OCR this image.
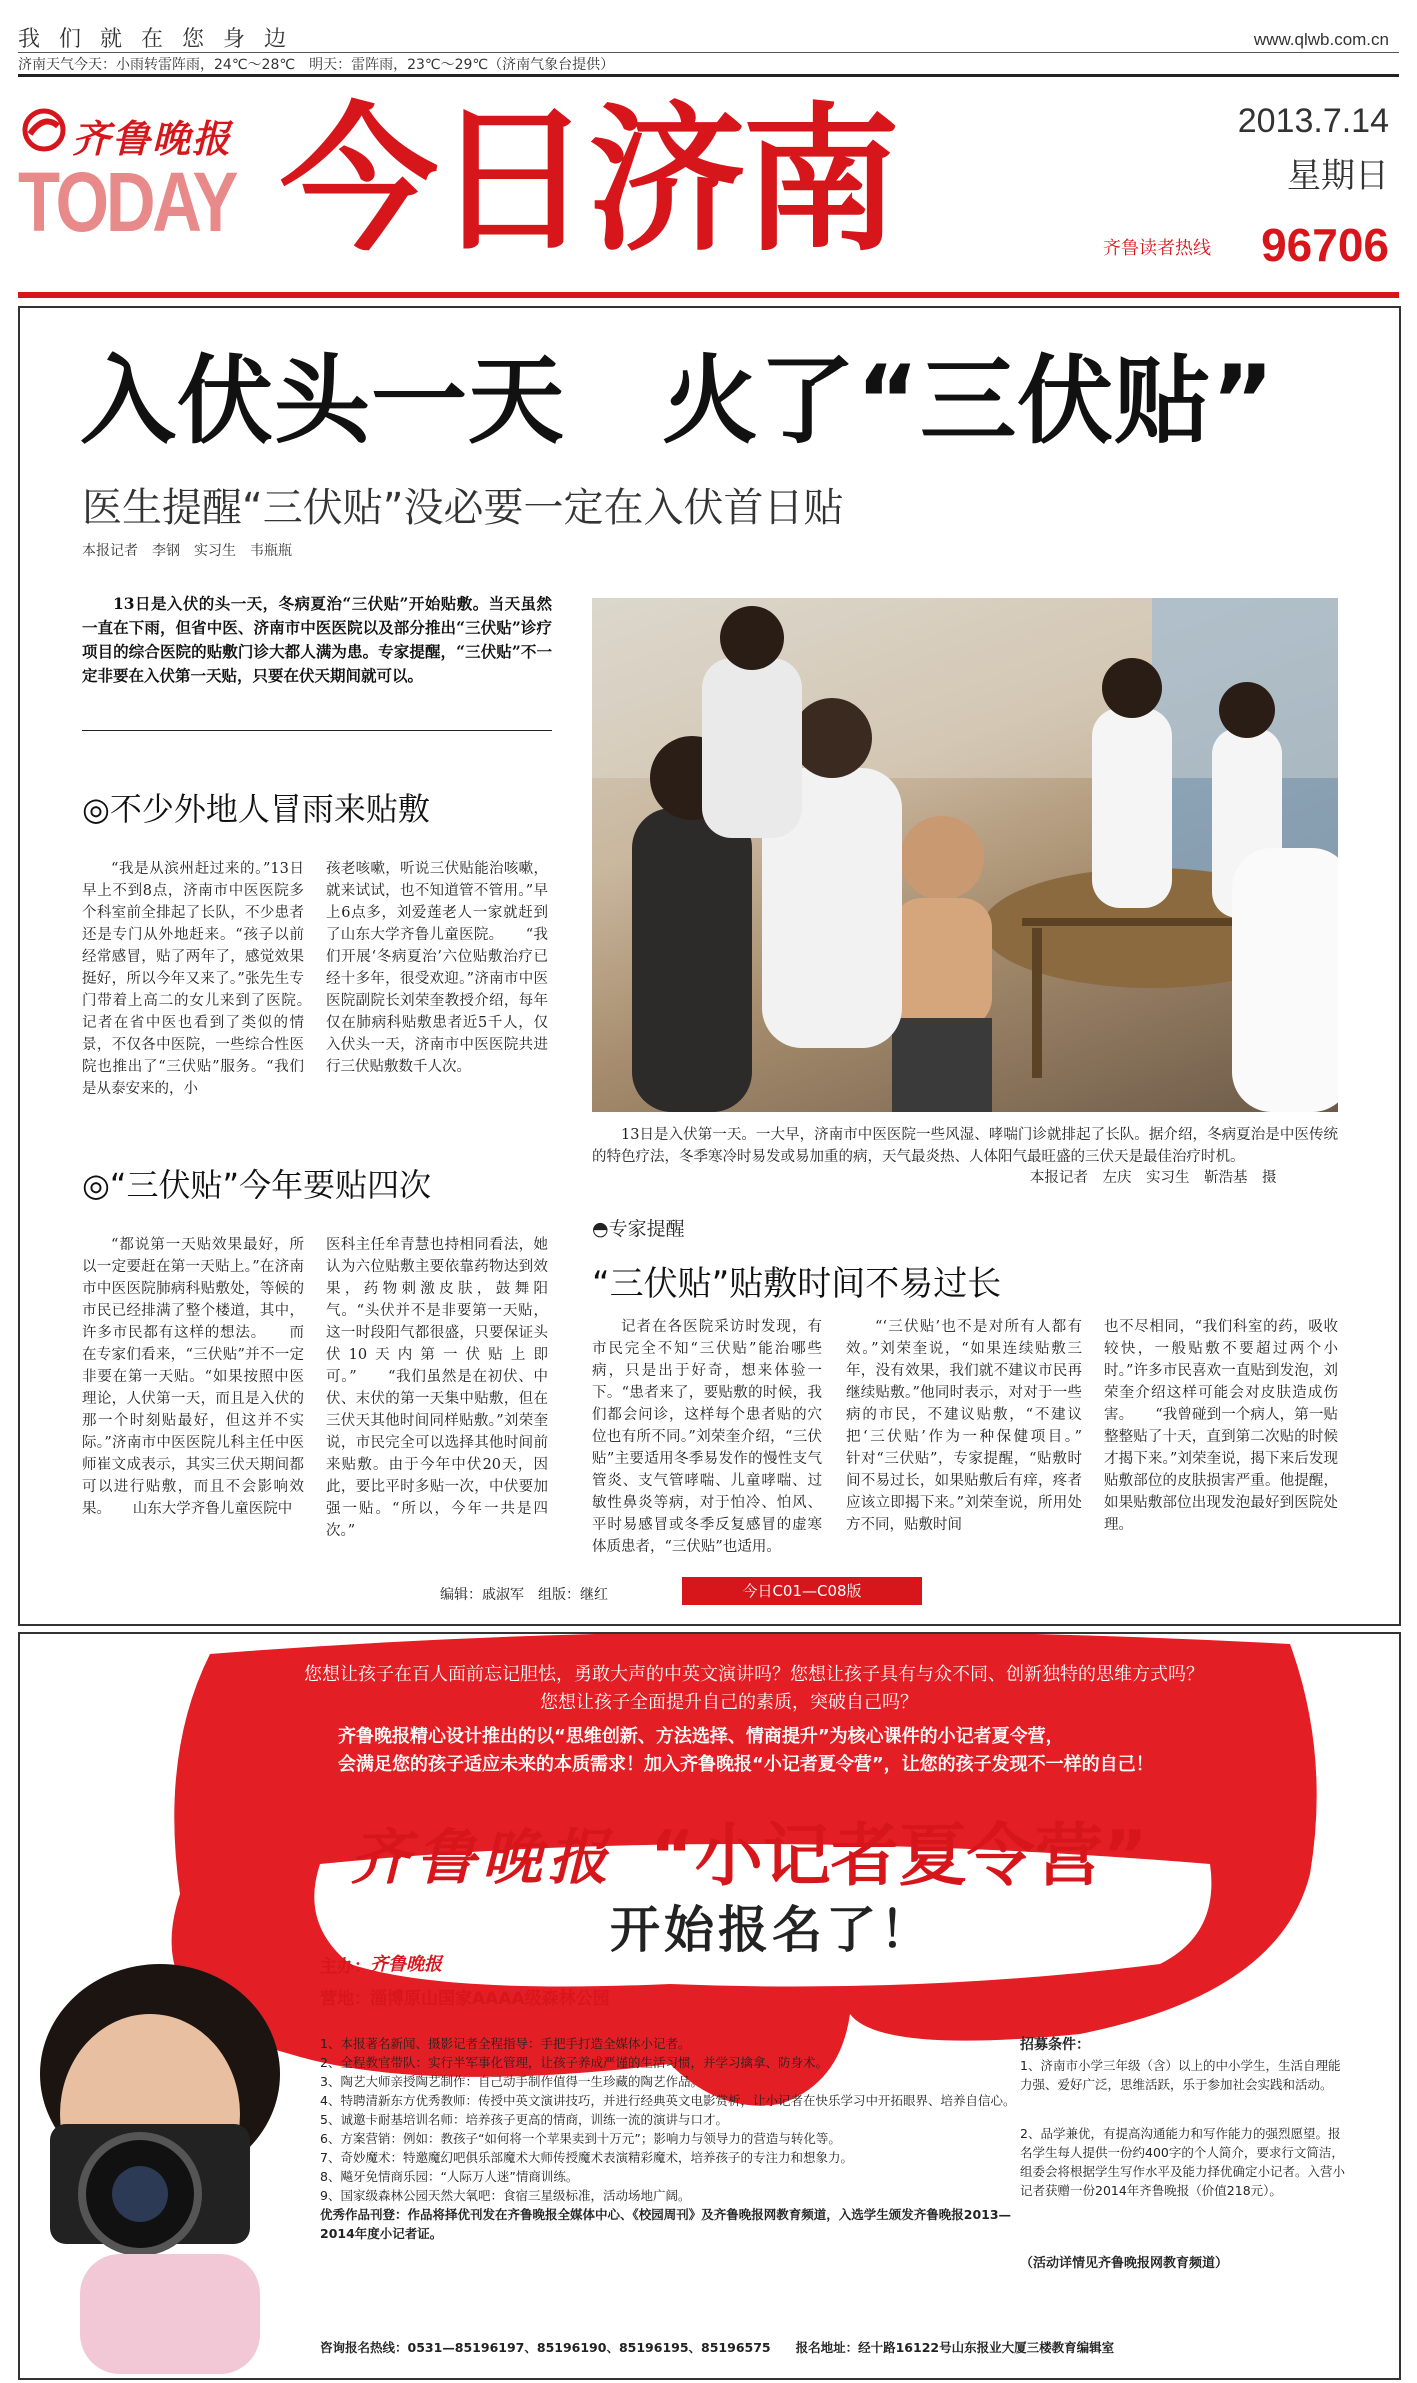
我 们 就 在 您 身 边	www.qlwb.com.cn
济南天气今天：小雨转雷阵雨，24℃～28℃　明天：雷阵雨，23℃～29℃（济南气象台提供）
齐鲁晚报
TODAY 今日济南	2013.7.14
星期日
齐鲁读者热线 96706
入伏头一天　火了“三伏贴”
医生提醒“三伏贴”没必要一定在入伏首日贴
本报记者　李钢　实习生　韦瓶瓶
13日是入伏的头一天，冬病夏治“三伏贴”开始贴敷。当天虽然一直在下雨，但省中医、济南市中医医院以及部分推出“三伏贴”诊疗项目的综合医院的贴敷门诊大都人满为患。专家提醒，“三伏贴”不一定非要在入伏第一天贴，只要在伏天期间就可以。
◎不少外地人冒雨来贴敷
“我是从滨州赶过来的。”13日早上不到8点，济南市中医医院多个科室前全排起了长队，不少患者还是专门从外地赶来。“孩子以前经常感冒，贴了两年了，感觉效果挺好，所以今年又来了。”张先生专门带着上高二的女儿来到了医院。　　记者在省中医也看到了类似的情景，不仅各中医院，一些综合性医院也推出了“三伏贴”服务。“我们是从泰安来的，小
孩老咳嗽，听说三伏贴能治咳嗽，就来试试，也不知道管不管用。”早上6点多，刘爱莲老人一家就赶到了山东大学齐鲁儿童医院。　　“我们开展‘冬病夏治’六位贴敷治疗已经十多年，很受欢迎。”济南市中医医院副院长刘荣奎教授介绍，每年仅在肺病科贴敷患者近5千人，仅入伏头一天，济南市中医医院共进行三伏贴敷数千人次。
◎“三伏贴”今年要贴四次
“都说第一天贴效果最好，所以一定要赶在第一天贴上。”在济南市中医医院肺病科贴敷处，等候的市民已经排满了整个楼道，其中，许多市民都有这样的想法。　　而在专家们看来，“三伏贴”并不一定非要在第一天贴。“如果按照中医理论，人伏第一天，而且是入伏的那一个时刻贴最好，但这并不实际。”济南市中医医院儿科主任中医师崔文成表示，其实三伏天期间都可以进行贴敷，而且不会影响效果。　　山东大学齐鲁儿童医院中
医科主任牟青慧也持相同看法，她认为六位贴敷主要依靠药物达到效果，药物刺激皮肤，鼓舞阳气。“头伏并不是非要第一天贴，这一时段阳气都很盛，只要保证头伏10天内第一伏贴上即可。”　　“我们虽然是在初伏、中伏、末伏的第一天集中贴敷，但在三伏天其他时间同样贴敷。”刘荣奎说，市民完全可以选择其他时间前来贴敷。由于今年中伏20天，因此，要比平时多贴一次，中伏要加强一贴。“所以，今年一共是四次。”
13日是入伏第一天。一大早，济南市中医医院一些风湿、哮喘门诊就排起了长队。据介绍，冬病夏治是中医传统的特色疗法，冬季寒冷时易发或易加重的病，天气最炎热、人体阳气最旺盛的三伏天是最佳治疗时机。
本报记者　左庆　实习生　靳浩基　摄
◓专家提醒
“三伏贴”贴敷时间不易过长
记者在各医院采访时发现，有市民完全不知“三伏贴”能治哪些病，只是出于好奇，想来体验一下。“患者来了，要贴敷的时候，我们都会问诊，这样每个患者贴的穴位也有所不同。”刘荣奎介绍，“三伏贴”主要适用冬季易发作的慢性支气管炎、支气管哮喘、儿童哮喘、过敏性鼻炎等病，对于怕冷、怕风、平时易感冒或冬季反复感冒的虚寒体质患者，“三伏贴”也适用。
“‘三伏贴’也不是对所有人都有效。”刘荣奎说，“如果连续贴敷三年，没有效果，我们就不建议市民再继续贴敷。”他同时表示，对对于一些病的市民，不建议贴敷，“不建议把‘三伏贴’作为一种保健项目。”　　针对“三伏贴”，专家提醒，“贴敷时间不易过长，如果贴敷后有痒，疼者应该立即揭下来。”刘荣奎说，所用处方不同，贴敷时间
也不尽相同，“我们科室的药，吸收较快，一般贴敷不要超过两个小时。”许多市民喜欢一直贴到发泡，刘荣奎介绍这样可能会对皮肤造成伤害。　　“我曾碰到一个病人，第一贴整整贴了十天，直到第二次贴的时候才揭下来。”刘荣奎说，揭下来后发现贴敷部位的皮肤损害严重。他提醒，如果贴敷部位出现发泡最好到医院处理。
编辑：戚淑军　组版：继红	今日C01—C08版
您想让孩子在百人面前忘记胆怯，勇敢大声的中英文演讲吗？您想让孩子具有与众不同、创新独特的思维方式吗？
您想让孩子全面提升自己的素质，突破自己吗？
齐鲁晚报精心设计推出的以“思维创新、方法选择、情商提升”为核心课件的小记者夏令营，
会满足您的孩子适应未来的本质需求！加入齐鲁晚报“小记者夏令营”，让您的孩子发现不一样的自己！
齐鲁晚报 “小记者夏令营”
开始报名了！
主办： 齐鲁晚报
营地： 淄博原山国家AAAA级森林公园
1、本报著名新闻、摄影记者全程指导：手把手打造全媒体小记者。
2、全程教官带队：实行半军事化管理，让孩子养成严谨的生活习惯，并学习擒拿、防身术。
3、陶艺大师亲授陶艺制作：自己动手制作值得一生珍藏的陶艺作品。
4、特聘清新东方优秀教师：传授中英文演讲技巧，并进行经典英文电影赏析，让小记者在快乐学习中开拓眼界、培养自信心。
5、诚邀卡耐基培训名师：培养孩子更高的情商，训练一流的演讲与口才。
6、方案营销：例如：教孩子“如何将一个苹果卖到十万元”；影响力与领导力的营造与转化等。
7、奇妙魔术：特邀魔幻吧俱乐部魔术大师传授魔术表演精彩魔术，培养孩子的专注力和想象力。
8、飚牙免情商乐园：“人际万人迷”情商训练。
9、国家级森林公园天然大氧吧：食宿三星级标准，活动场地广阔。
优秀作品刊登：作品将择优刊发在齐鲁晚报全媒体中心、《校园周刊》及齐鲁晚报网教育频道，入选学生颁发齐鲁晚报2013—2014年度小记者证。
招募条件：
1、济南市小学三年级（含）以上的中小学生，生活自理能力强、爱好广泛，思维活跃，乐于参加社会实践和活动。
2、品学兼优，有提高沟通能力和写作能力的强烈愿望。报名学生每人提供一份约400字的个人简介，要求行文简洁，组委会将根据学生写作水平及能力择优确定小记者。入营小记者获赠一份2014年齐鲁晚报（价值218元）。
（活动详情见齐鲁晚报网教育频道）
咨询报名热线：0531—85196197、85196190、85196195、85196575　　报名地址：经十路16122号山东报业大厦三楼教育编辑室
